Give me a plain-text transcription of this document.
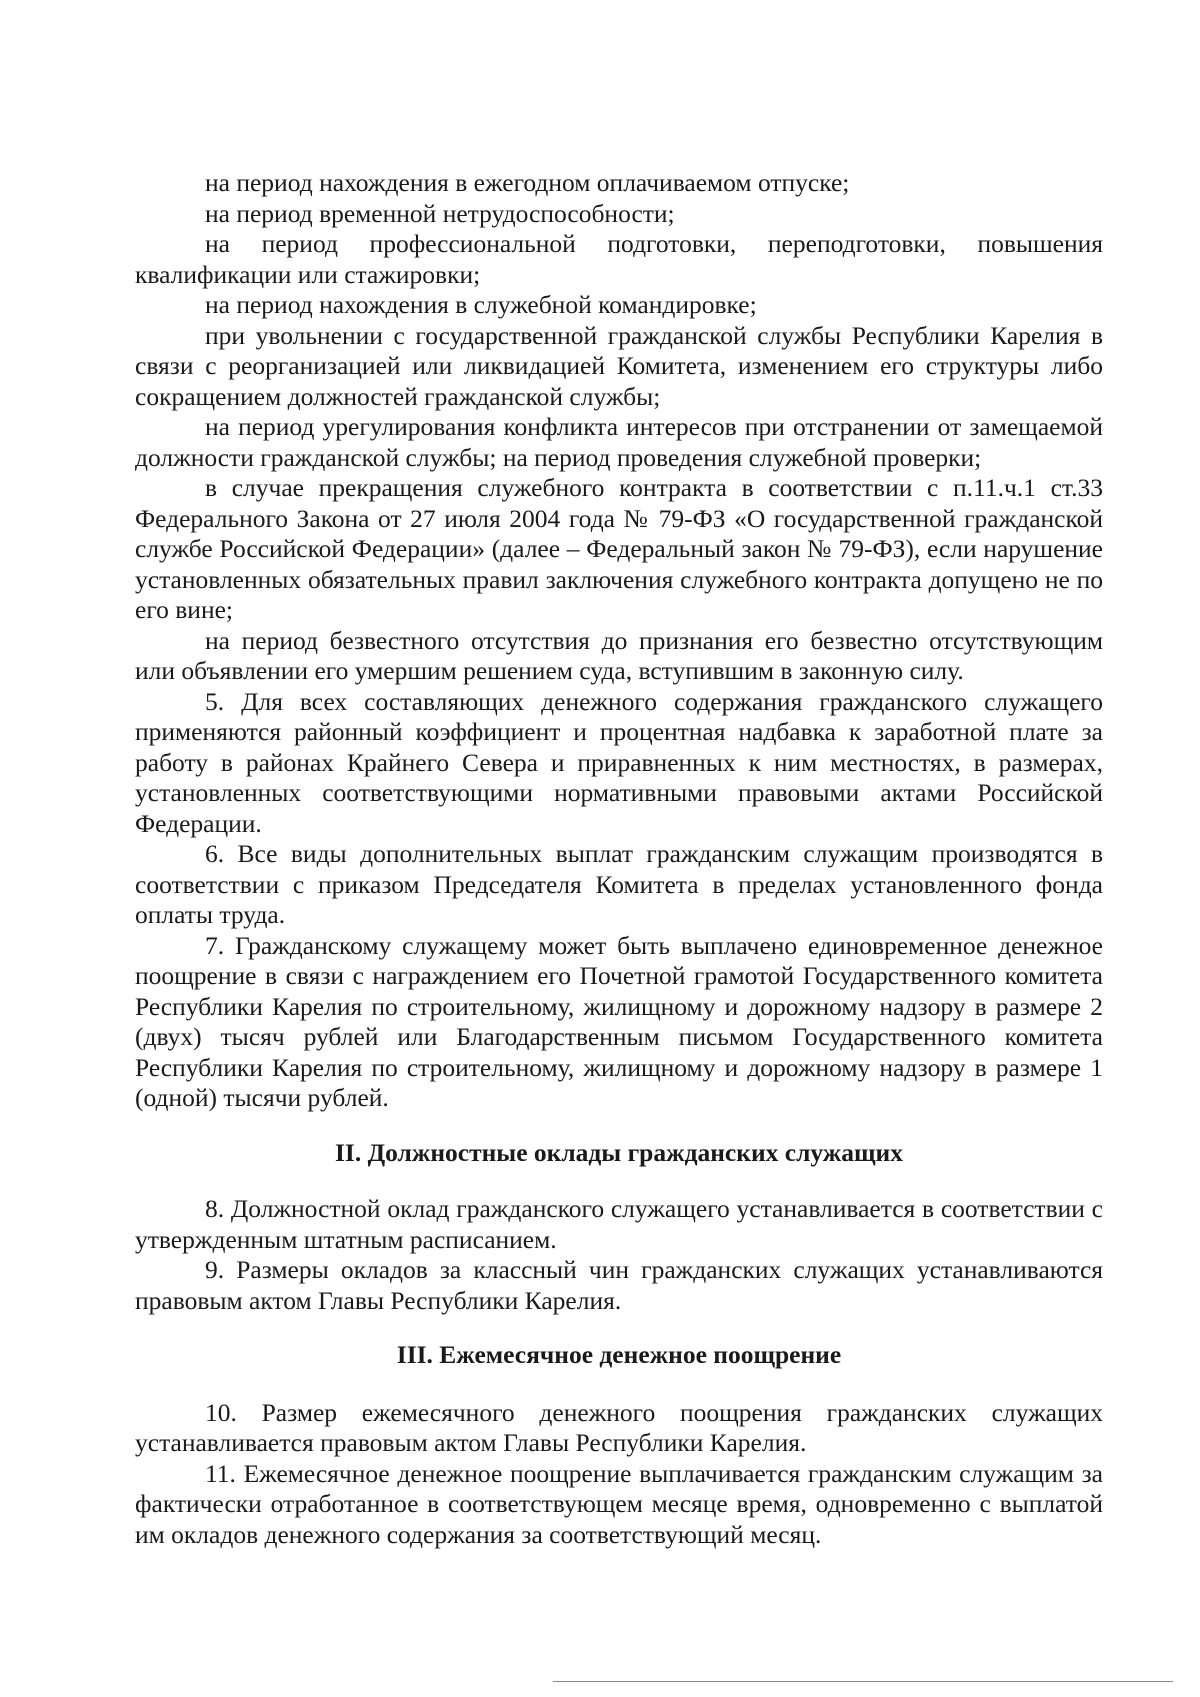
на период нахождения в ежегодном оплачиваемом отпуске;

на период временной нетрудоспособности;

на период профессиональной подготовки, переподготовки, повышения квалификации или стажировки;

на период нахождения в служебной командировке;

при увольнении с государственной гражданской службы Республики Карелия в связи с реорганизацией или ликвидацией Комитета, изменением его структуры либо сокращением должностей гражданской службы;

на период урегулирования конфликта интересов при отстранении от замещаемой должности гражданской службы; на период проведения служебной проверки;

в случае прекращения служебного контракта в соответствии с п.11.ч.1 ст.33 Федерального Закона от 27 июля 2004 года № 79-ФЗ «О государственной гражданской службе Российской Федерации» (далее – Федеральный закон № 79-ФЗ), если нарушение установленных обязательных правил заключения служебного контракта допущено не по его вине;

на период безвестного отсутствия до признания его безвестно отсутствующим или объявлении его умершим решением суда, вступившим в законную силу.

5. Для всех составляющих денежного содержания гражданского служащего применяются районный коэффициент и процентная надбавка к заработной плате за работу в районах Крайнего Севера и приравненных к ним местностях, в размерах, установленных соответствующими нормативными правовыми актами Российской Федерации.

6. Все виды дополнительных выплат гражданским служащим производятся в соответствии с приказом Председателя Комитета в пределах установленного фонда оплаты труда.

7. Гражданскому служащему может быть выплачено единовременное денежное поощрение в связи с награждением его Почетной грамотой Государственного комитета Республики Карелия по строительному, жилищному и дорожному надзору в размере 2 (двух) тысяч рублей или Благодарственным письмом Государственного комитета Республики Карелия по строительному, жилищному и дорожному надзору в размере 1 (одной) тысячи рублей.

II. Должностные оклады гражданских служащих

8. Должностной оклад гражданского служащего устанавливается в соответствии с утвержденным штатным расписанием.

9. Размеры окладов за классный чин гражданских служащих устанавливаются правовым актом Главы Республики Карелия.

III. Ежемесячное денежное поощрение

10. Размер ежемесячного денежного поощрения гражданских служащих устанавливается правовым актом Главы Республики Карелия.

11. Ежемесячное денежное поощрение выплачивается гражданским служащим за фактически отработанное в соответствующем месяце время, одновременно с выплатой им окладов денежного содержания за соответствующий месяц.
